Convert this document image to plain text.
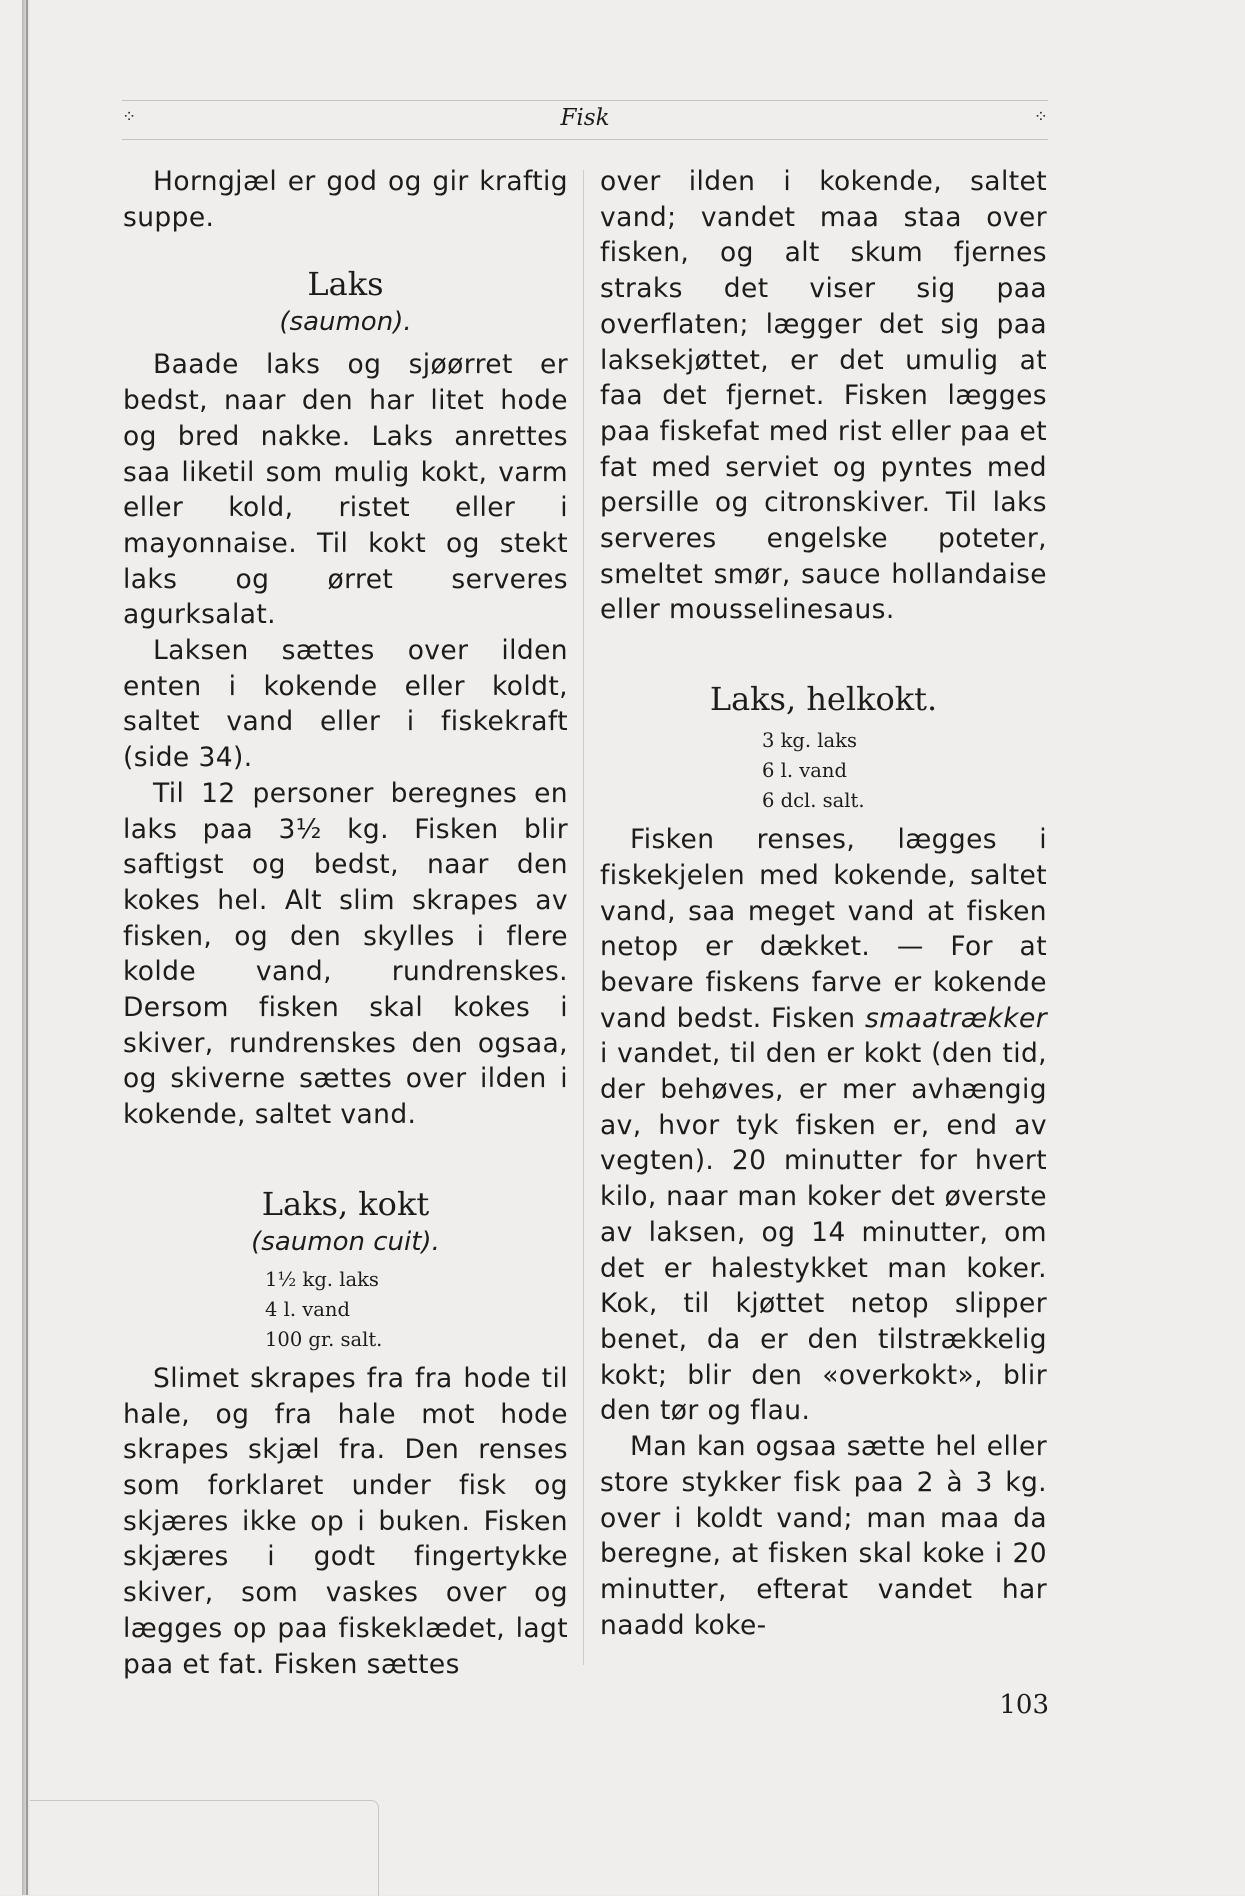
⁘	Fisk	⁘

Horngjæl er god og gir kraftig suppe.

Laks
(saumon).

Baade laks og sjøørret er bedst, naar den har litet hode og bred nakke. Laks anrettes saa liketil som mulig kokt, varm eller kold, ristet eller i mayonnaise. Til kokt og stekt laks og ørret serveres agurksalat.

Laksen sættes over ilden enten i kokende eller koldt, saltet vand eller i fiskekraft (side 34).

Til 12 personer beregnes en laks paa 3½ kg. Fisken blir saftigst og bedst, naar den kokes hel. Alt slim skrapes av fisken, og den skylles i flere kolde vand, rundrenskes. Dersom fisken skal kokes i skiver, rundrenskes den ogsaa, og skiverne sættes over ilden i kokende, saltet vand.

Laks, kokt
(saumon cuit).
1½ kg. laks
4 l. vand
100 gr. salt.

Slimet skrapes fra fra hode til hale, og fra hale mot hode skrapes skjæl fra. Den renses som forklaret under fisk og skjæres ikke op i buken. Fisken skjæres i godt fingertykke skiver, som vaskes over og lægges op paa fiskeklædet, lagt paa et fat. Fisken sættes

over ilden i kokende, saltet vand; vandet maa staa over fisken, og alt skum fjernes straks det viser sig paa overflaten; lægger det sig paa laksekjøttet, er det umulig at faa det fjernet. Fisken lægges paa fiskefat med rist eller paa et fat med serviet og pyntes med persille og citronskiver. Til laks serveres engelske poteter, smeltet smør, sauce hollandaise eller mousselinesaus.

Laks, helkokt.
3 kg. laks
6 l. vand
6 dcl. salt.

Fisken renses, lægges i fiskekjelen med kokende, saltet vand, saa meget vand at fisken netop er dækket. — For at bevare fiskens farve er kokende vand bedst. Fisken smaatrækker i vandet, til den er kokt (den tid, der behøves, er mer avhængig av, hvor tyk fisken er, end av vegten). 20 minutter for hvert kilo, naar man koker det øverste av laksen, og 14 minutter, om det er halestykket man koker. Kok, til kjøttet netop slipper benet, da er den tilstrækkelig kokt; blir den «overkokt», blir den tør og flau.

Man kan ogsaa sætte hel eller store stykker fisk paa 2 à 3 kg. over i koldt vand; man maa da beregne, at fisken skal koke i 20 minutter, efterat vandet har naadd koke-

103
